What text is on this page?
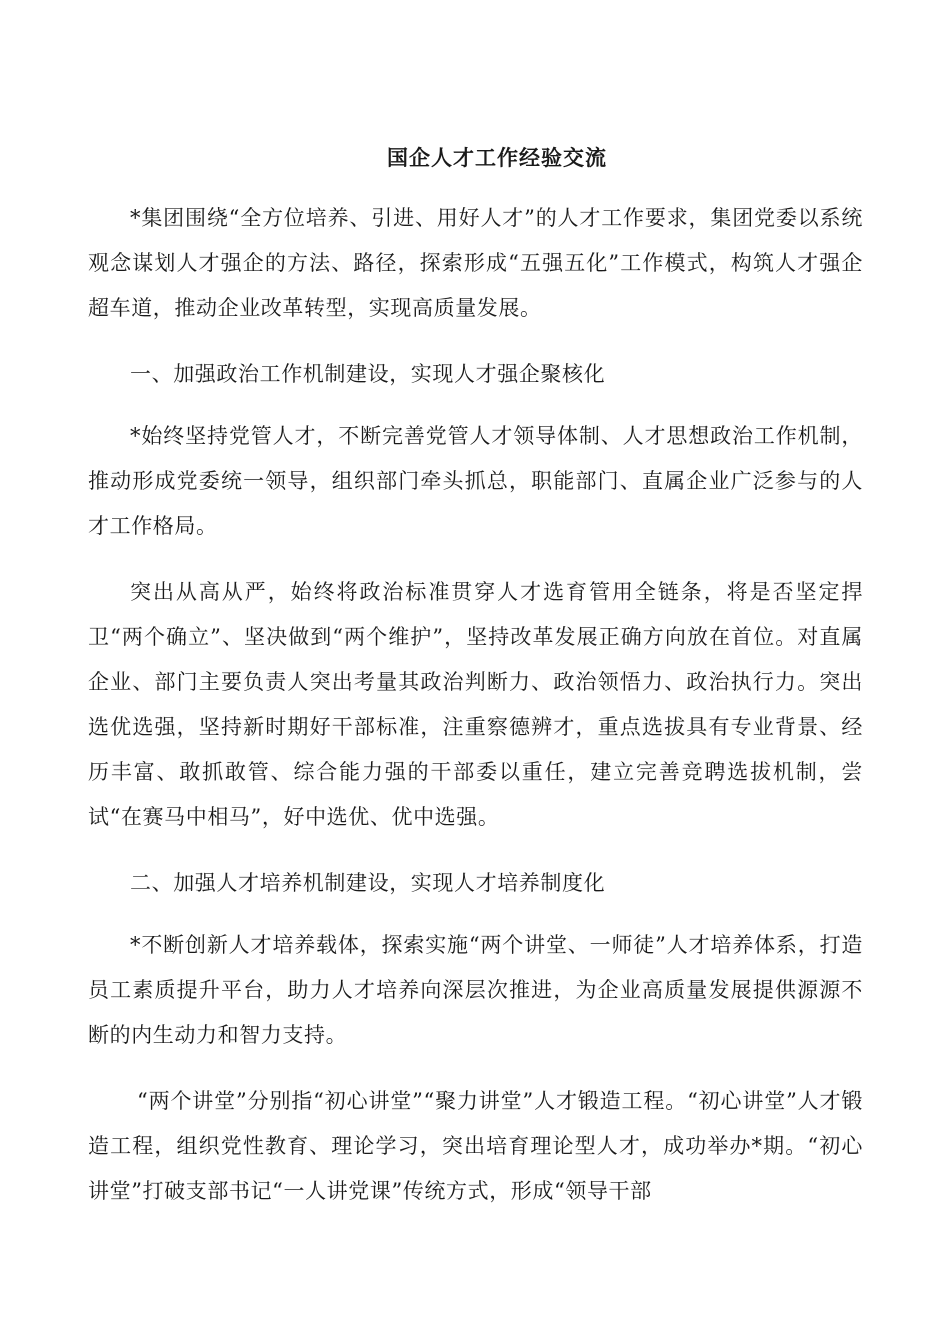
国企人才工作经验交流

*集团围绕“全方位培养、引进、用好人才”的人才工作要求，集团党委以系统观念谋划人才强企的方法、路径，探索形成“五强五化”工作模式，构筑人才强企超车道，推动企业改革转型，实现高质量发展。

一、加强政治工作机制建设，实现人才强企聚核化

*始终坚持党管人才，不断完善党管人才领导体制、人才思想政治工作机制，推动形成党委统一领导，组织部门牵头抓总，职能部门、直属企业广泛参与的人才工作格局。

突出从高从严，始终将政治标准贯穿人才选育管用全链条，将是否坚定捍卫“两个确立”、坚决做到“两个维护”，坚持改革发展正确方向放在首位。对直属企业、部门主要负责人突出考量其政治判断力、政治领悟力、政治执行力。突出选优选强，坚持新时期好干部标准，注重察德辨才，重点选拔具有专业背景、经历丰富、敢抓敢管、综合能力强的干部委以重任，建立完善竞聘选拔机制，尝试“在赛马中相马”，好中选优、优中选强。

二、加强人才培养机制建设，实现人才培养制度化

*不断创新人才培养载体，探索实施“两个讲堂、一师徒”人才培养体系，打造员工素质提升平台，助力人才培养向深层次推进，为企业高质量发展提供源源不断的内生动力和智力支持。

“两个讲堂”分别指“初心讲堂”“聚力讲堂”人才锻造工程。“初心讲堂”人才锻造工程，组织党性教育、理论学习，突出培育理论型人才，成功举办*期。“初心讲堂”打破支部书记“一人讲党课”传统方式，形成“领导干部
